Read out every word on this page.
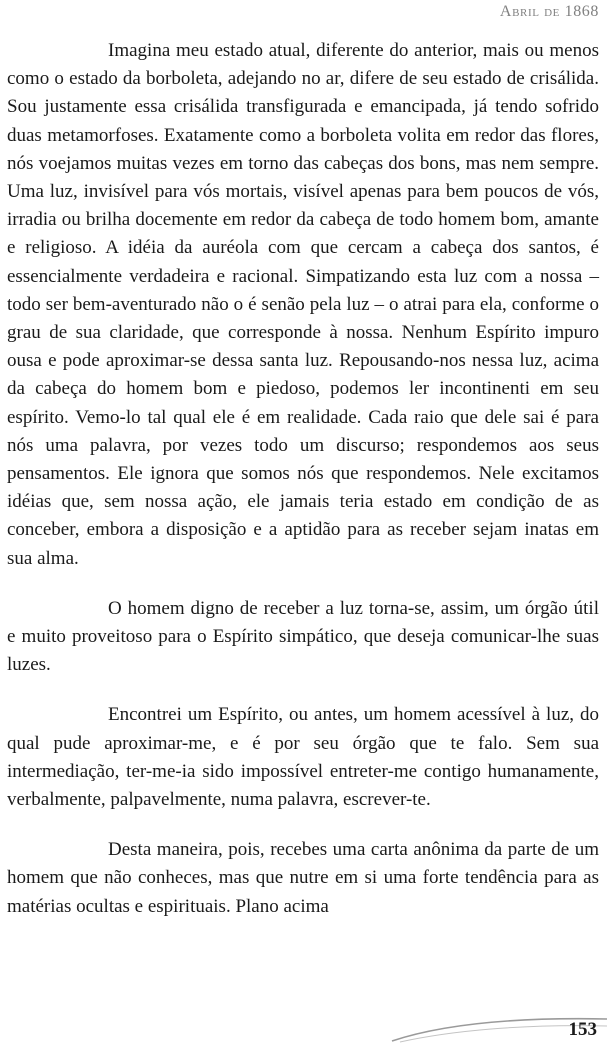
Abril de 1868

Imagina meu estado atual, diferente do anterior, mais ou menos como o estado da borboleta, adejando no ar, difere de seu estado de crisálida. Sou justamente essa crisálida transfigurada e emancipada, já tendo sofrido duas metamorfoses. Exatamente como a borboleta volita em redor das flores, nós voejamos muitas vezes em torno das cabeças dos bons, mas nem sempre. Uma luz, invisível para vós mortais, visível apenas para bem poucos de vós, irradia ou brilha docemente em redor da cabeça de todo homem bom, amante e religioso. A idéia da auréola com que cercam a cabeça dos santos, é essencialmente verdadeira e racional. Simpatizando esta luz com a nossa – todo ser bem-aventurado não o é senão pela luz – o atrai para ela, conforme o grau de sua claridade, que corresponde à nossa. Nenhum Espírito impuro ousa e pode aproximar-se dessa santa luz. Repousando-nos nessa luz, acima da cabeça do homem bom e piedoso, podemos ler incontinenti em seu espírito. Vemo-lo tal qual ele é em realidade. Cada raio que dele sai é para nós uma palavra, por vezes todo um discurso; respondemos aos seus pensamentos. Ele ignora que somos nós que respondemos. Nele excitamos idéias que, sem nossa ação, ele jamais teria estado em condição de as conceber, embora a disposição e a aptidão para as receber sejam inatas em sua alma.

O homem digno de receber a luz torna-se, assim, um órgão útil e muito proveitoso para o Espírito simpático, que deseja comunicar-lhe suas luzes.

Encontrei um Espírito, ou antes, um homem acessível à luz, do qual pude aproximar-me, e é por seu órgão que te falo. Sem sua intermediação, ter-me-ia sido impossível entreter-me contigo humanamente, verbalmente, palpavelmente, numa palavra, escrever-te.

Desta maneira, pois, recebes uma carta anônima da parte de um homem que não conheces, mas que nutre em si uma forte tendência para as matérias ocultas e espirituais. Plano acima

153
